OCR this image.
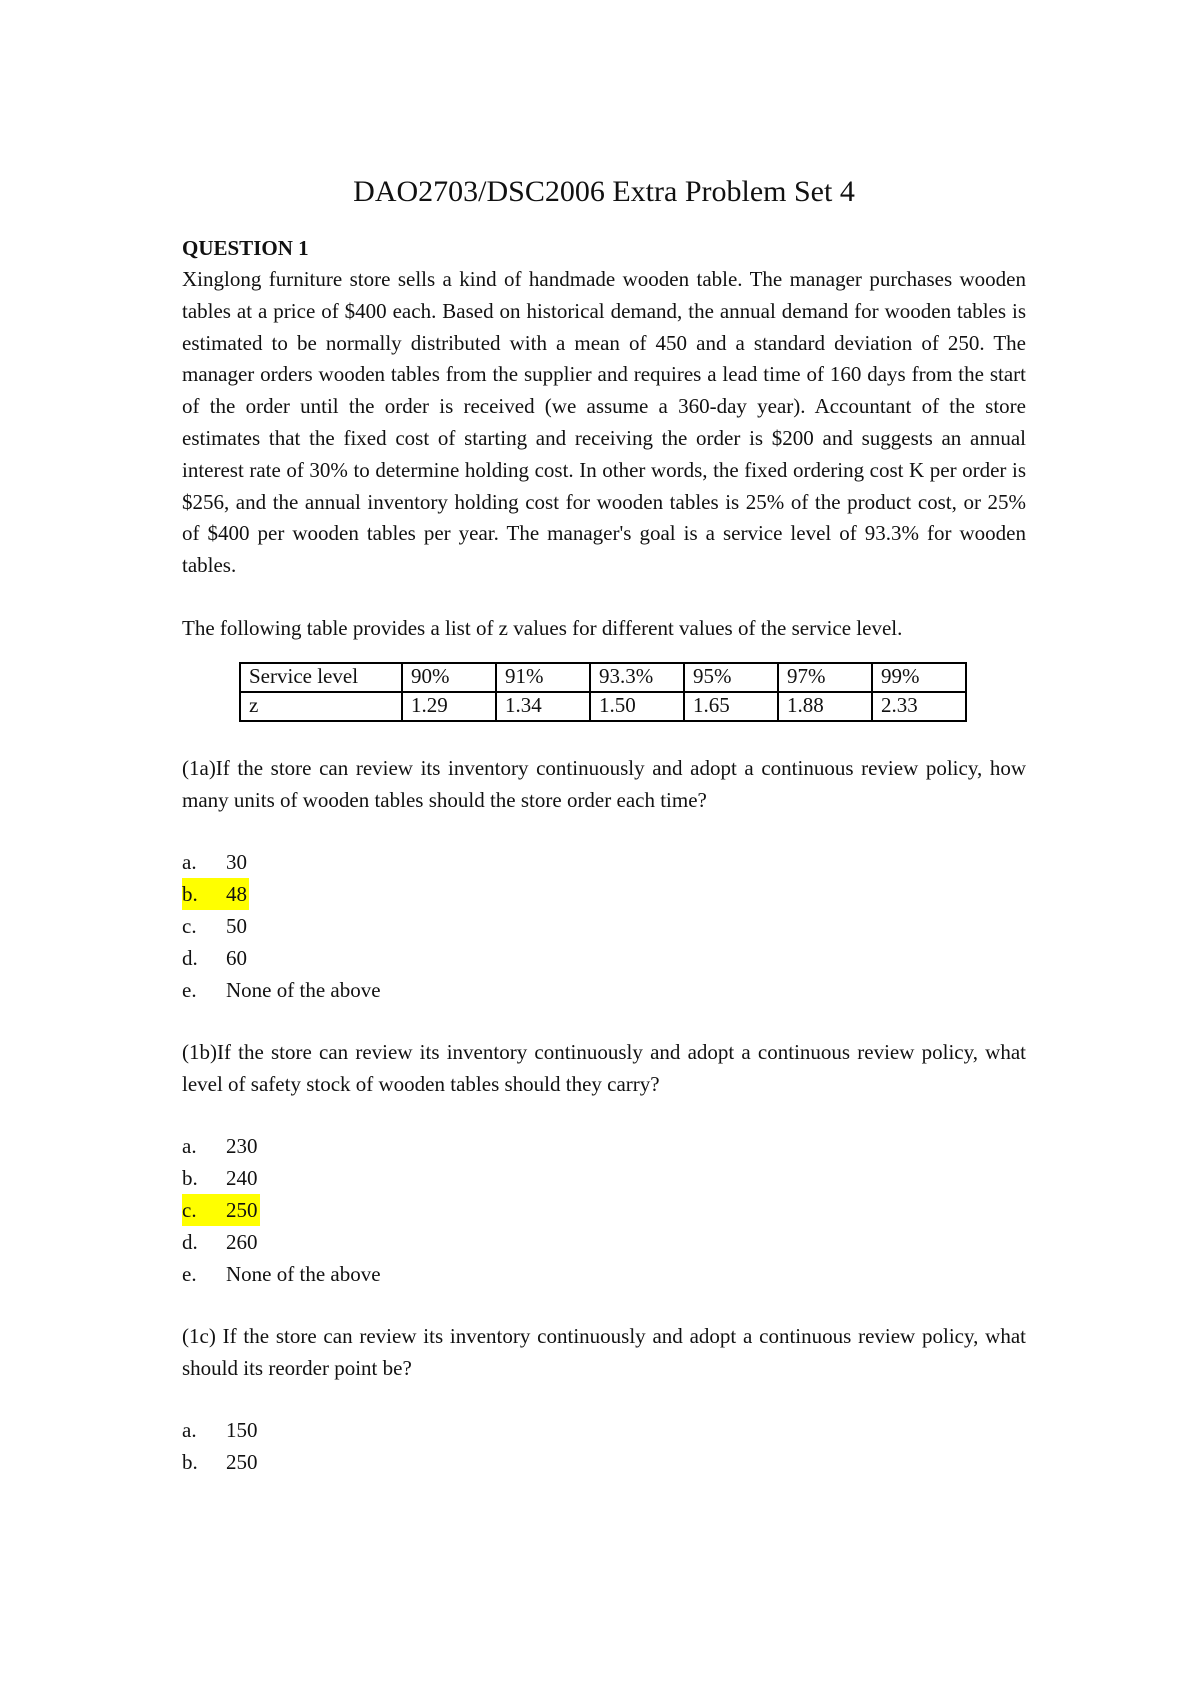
DAO2703/DSC2006 Extra Problem Set 4

QUESTION 1

Xinglong furniture store sells a kind of handmade wooden table. The manager purchases wooden tables at a price of $400 each. Based on historical demand, the annual demand for wooden tables is estimated to be normally distributed with a mean of 450 and a standard deviation of 250. The manager orders wooden tables from the supplier and requires a lead time of 160 days from the start of the order until the order is received (we assume a 360-day year). Accountant of the store estimates that the fixed cost of starting and receiving the order is $200 and suggests an annual interest rate of 30% to determine holding cost. In other words, the fixed ordering cost K per order is $256, and the annual inventory holding cost for wooden tables is 25% of the product cost, or 25% of $400 per wooden tables per year. The manager's goal is a service level of 93.3% for wooden tables.

The following table provides a list of z values for different values of the service level.

Service level	90%	91%	93.3%	95%	97%	99%
z	1.29	1.34	1.50	1.65	1.88	2.33

(1a)If the store can review its inventory continuously and adopt a continuous review policy, how many units of wooden tables should the store order each time?

a. 30
b. 48
c. 50
d. 60
e. None of the above

(1b)If the store can review its inventory continuously and adopt a continuous review policy, what level of safety stock of wooden tables should they carry?

a. 230
b. 240
c. 250
d. 260
e. None of the above

(1c) If the store can review its inventory continuously and adopt a continuous review policy, what should its reorder point be?

a. 150
b. 250
